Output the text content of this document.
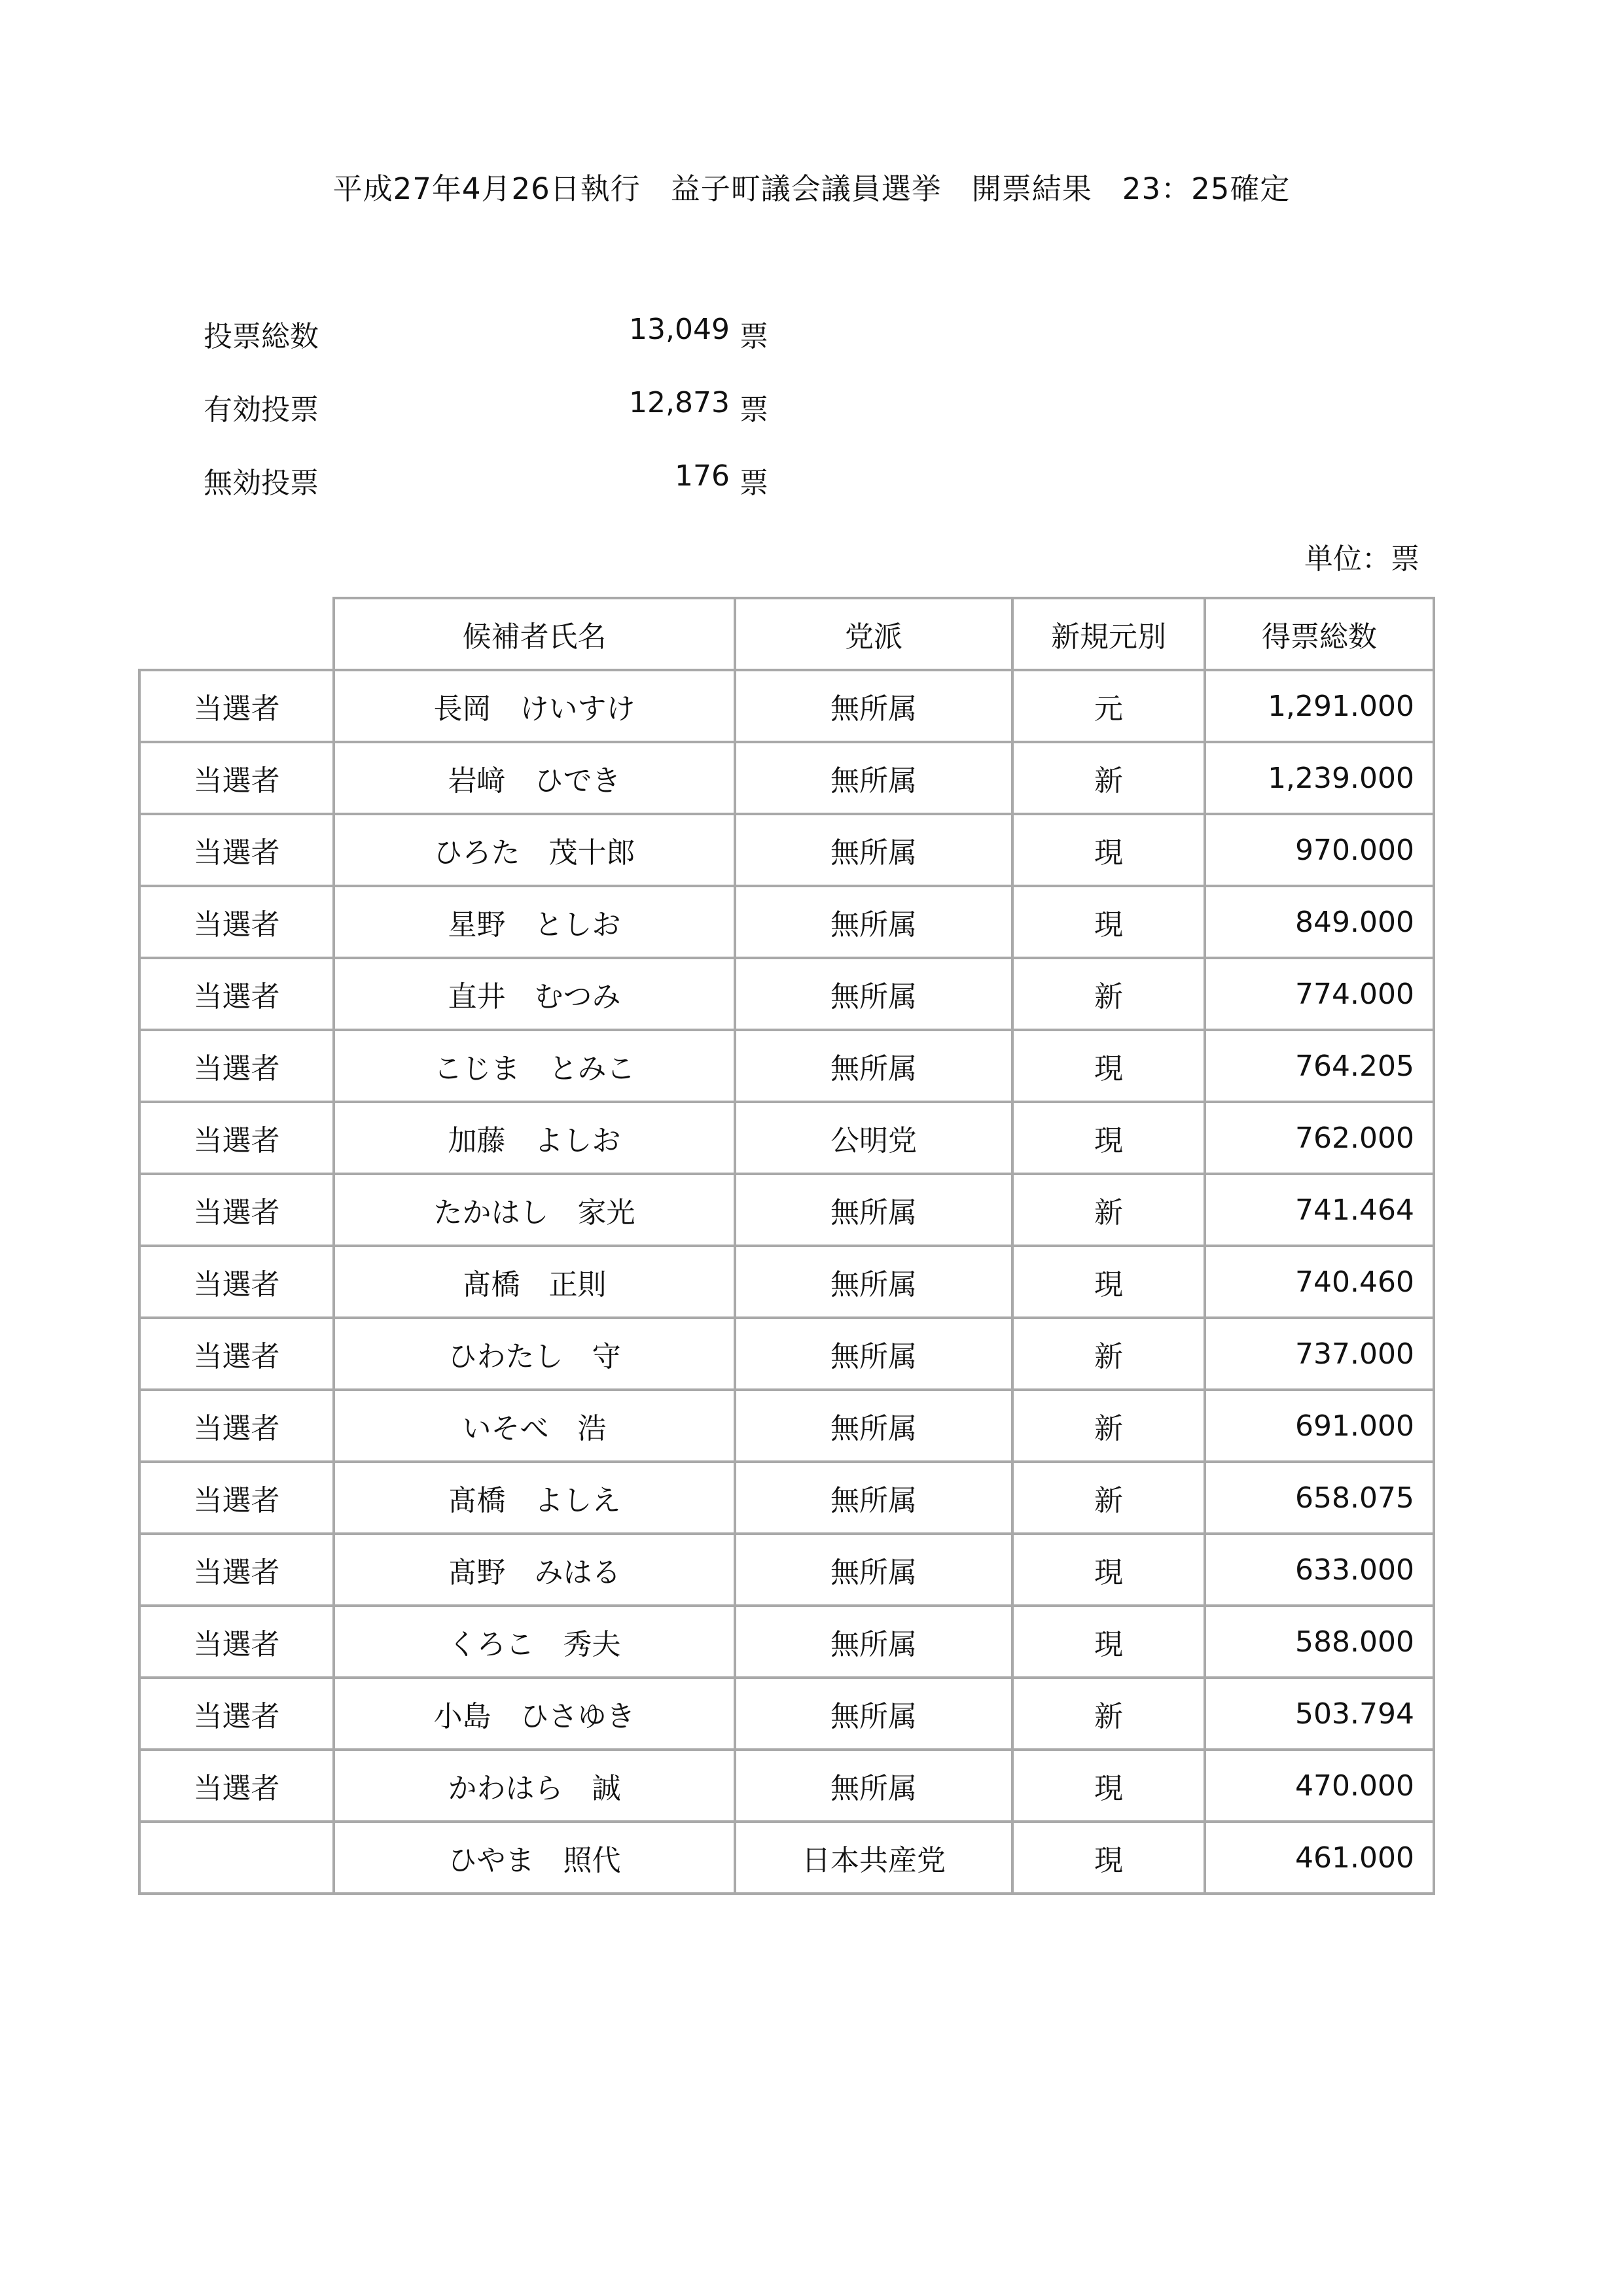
平成27年4月26日執行　益子町議会議員選挙　開票結果　23：25確定
投票総数	13,049 票
有効投票	12,873 票
無効投票	176 票
単位：票
	候補者氏名	党派	新規元別	得票総数
当選者	長岡　けいすけ	無所属	元	1,291.000
当選者	岩﨑　ひでき	無所属	新	1,239.000
当選者	ひろた　茂十郎	無所属	現	970.000
当選者	星野　としお	無所属	現	849.000
当選者	直井　むつみ	無所属	新	774.000
当選者	こじま　とみこ	無所属	現	764.205
当選者	加藤　よしお	公明党	現	762.000
当選者	たかはし　家光	無所属	新	741.464
当選者	髙橋　正則	無所属	現	740.460
当選者	ひわたし　守	無所属	新	737.000
当選者	いそべ　浩	無所属	新	691.000
当選者	髙橋　よしえ	無所属	新	658.075
当選者	髙野　みはる	無所属	現	633.000
当選者	くろこ　秀夫	無所属	現	588.000
当選者	小島　ひさゆき	無所属	新	503.794
当選者	かわはら　誠	無所属	現	470.000
	ひやま　照代	日本共産党	現	461.000
